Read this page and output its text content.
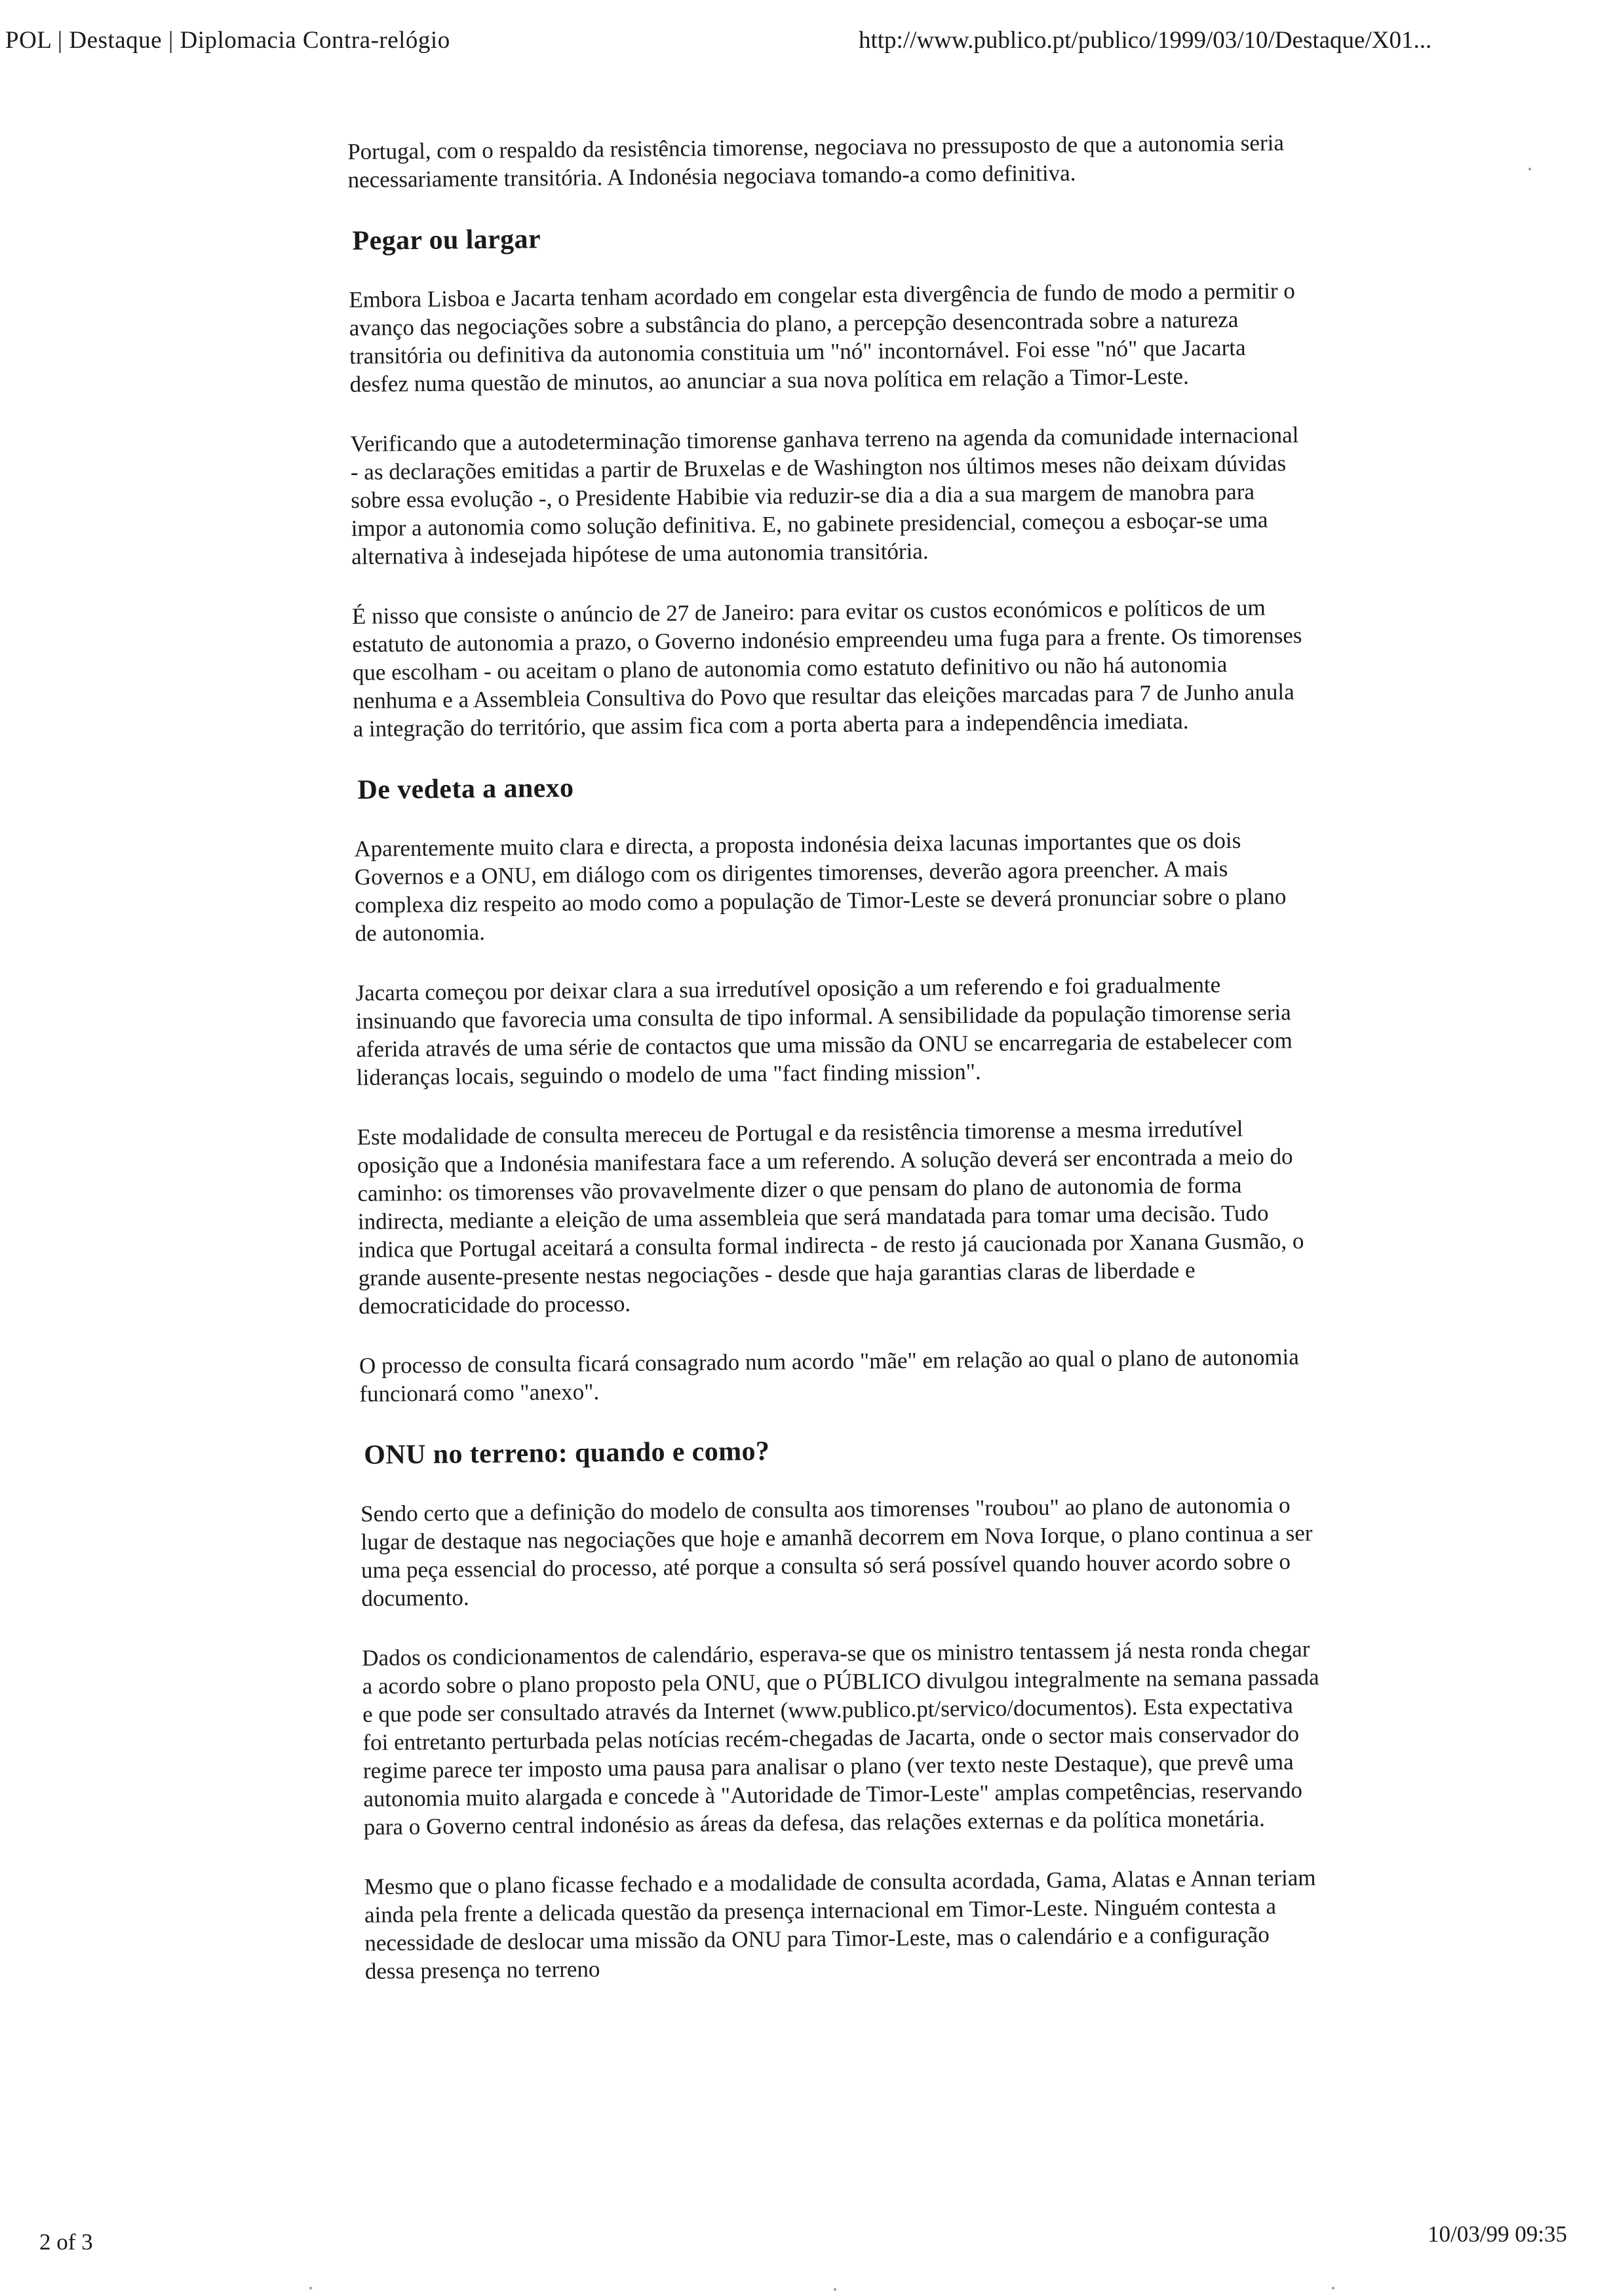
POL | Destaque | Diplomacia Contra-relógio	http://www.publico.pt/publico/1999/03/10/Destaque/X01...

Portugal, com o respaldo da resistência timorense, negociava no pressuposto de que a autonomia seria necessariamente transitória. A Indonésia negociava tomando-a como definitiva.

Pegar ou largar

Embora Lisboa e Jacarta tenham acordado em congelar esta divergência de fundo de modo a permitir o avanço das negociações sobre a substância do plano, a percepção desencontrada sobre a natureza transitória ou definitiva da autonomia constituia um "nó" incontornável. Foi esse "nó" que Jacarta desfez numa questão de minutos, ao anunciar a sua nova política em relação a Timor-Leste.

Verificando que a autodeterminação timorense ganhava terreno na agenda da comunidade internacional - as declarações emitidas a partir de Bruxelas e de Washington nos últimos meses não deixam dúvidas sobre essa evolução -, o Presidente Habibie via reduzir-se dia a dia a sua margem de manobra para impor a autonomia como solução definitiva. E, no gabinete presidencial, começou a esboçar-se uma alternativa à indesejada hipótese de uma autonomia transitória.

É nisso que consiste o anúncio de 27 de Janeiro: para evitar os custos económicos e políticos de um estatuto de autonomia a prazo, o Governo indonésio empreendeu uma fuga para a frente. Os timorenses que escolham - ou aceitam o plano de autonomia como estatuto definitivo ou não há autonomia nenhuma e a Assembleia Consultiva do Povo que resultar das eleições marcadas para 7 de Junho anula a integração do território, que assim fica com a porta aberta para a independência imediata.

De vedeta a anexo

Aparentemente muito clara e directa, a proposta indonésia deixa lacunas importantes que os dois Governos e a ONU, em diálogo com os dirigentes timorenses, deverão agora preencher. A mais complexa diz respeito ao modo como a população de Timor-Leste se deverá pronunciar sobre o plano de autonomia.

Jacarta começou por deixar clara a sua irredutível oposição a um referendo e foi gradualmente insinuando que favorecia uma consulta de tipo informal. A sensibilidade da população timorense seria aferida através de uma série de contactos que uma missão da ONU se encarregaria de estabelecer com lideranças locais, seguindo o modelo de uma "fact finding mission".

Este modalidade de consulta mereceu de Portugal e da resistência timorense a mesma irredutível oposição que a Indonésia manifestara face a um referendo. A solução deverá ser encontrada a meio do caminho: os timorenses vão provavelmente dizer o que pensam do plano de autonomia de forma indirecta, mediante a eleição de uma assembleia que será mandatada para tomar uma decisão. Tudo indica que Portugal aceitará a consulta formal indirecta - de resto já caucionada por Xanana Gusmão, o grande ausente-presente nestas negociações - desde que haja garantias claras de liberdade e democraticidade do processo.

O processo de consulta ficará consagrado num acordo "mãe" em relação ao qual o plano de autonomia funcionará como "anexo".

ONU no terreno: quando e como?

Sendo certo que a definição do modelo de consulta aos timorenses "roubou" ao plano de autonomia o lugar de destaque nas negociações que hoje e amanhã decorrem em Nova Iorque, o plano continua a ser uma peça essencial do processo, até porque a consulta só será possível quando houver acordo sobre o documento.

Dados os condicionamentos de calendário, esperava-se que os ministro tentassem já nesta ronda chegar a acordo sobre o plano proposto pela ONU, que o PÚBLICO divulgou integralmente na semana passada e que pode ser consultado através da Internet (www.publico.pt/servico/documentos). Esta expectativa foi entretanto perturbada pelas notícias recém-chegadas de Jacarta, onde o sector mais conservador do regime parece ter imposto uma pausa para analisar o plano (ver texto neste Destaque), que prevê uma autonomia muito alargada e concede à "Autoridade de Timor-Leste" amplas competências, reservando para o Governo central indonésio as áreas da defesa, das relações externas e da política monetária.

Mesmo que o plano ficasse fechado e a modalidade de consulta acordada, Gama, Alatas e Annan teriam ainda pela frente a delicada questão da presença internacional em Timor-Leste. Ninguém contesta a necessidade de deslocar uma missão da ONU para Timor-Leste, mas o calendário e a configuração dessa presença no terreno

2 of 3	10/03/99 09:35
